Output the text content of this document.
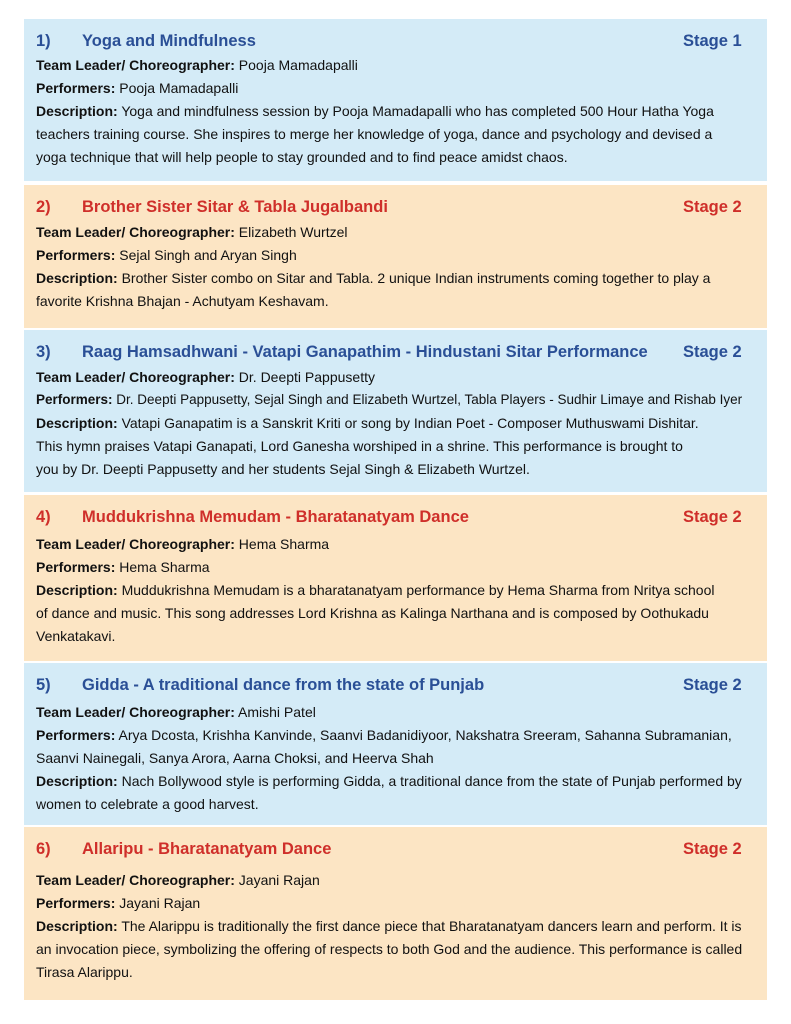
1) Yoga and Mindfulness	Stage 1
Team Leader/ Choreographer: Pooja Mamadapalli
Performers: Pooja Mamadapalli
Description: Yoga and mindfulness session by Pooja Mamadapalli who has completed 500 Hour Hatha Yoga
teachers training course. She inspires to merge her knowledge of yoga, dance and psychology and devised a
yoga technique that will help people to stay grounded and to find peace amidst chaos.
2) Brother Sister Sitar & Tabla Jugalbandi	Stage 2
Team Leader/ Choreographer: Elizabeth Wurtzel
Performers: Sejal Singh and Aryan Singh
Description: Brother Sister combo on Sitar and Tabla. 2 unique Indian instruments coming together to play a
favorite Krishna Bhajan - Achutyam Keshavam.
3) Raag Hamsadhwani - Vatapi Ganapathim - Hindustani Sitar Performance Stage 2
Team Leader/ Choreographer: Dr. Deepti Pappusetty
Performers: Dr. Deepti Pappusetty, Sejal Singh and Elizabeth Wurtzel, Tabla Players - Sudhir Limaye and Rishab Iyer
Description: Vatapi Ganapatim is a Sanskrit Kriti or song by Indian Poet - Composer Muthuswami Dishitar.
This hymn praises Vatapi Ganapati, Lord Ganesha worshiped in a shrine. This performance is brought to
you by Dr. Deepti Pappusetty and her students Sejal Singh & Elizabeth Wurtzel.
4) Muddukrishna Memudam - Bharatanatyam Dance	Stage 2
Team Leader/ Choreographer: Hema Sharma
Performers: Hema Sharma
Description: Muddukrishna Memudam is a bharatanatyam performance by Hema Sharma from Nritya school
of dance and music. This song addresses Lord Krishna as Kalinga Narthana and is composed by Oothukadu
Venkatakavi.
5) Gidda - A traditional dance from the state of Punjab	Stage 2
Team Leader/ Choreographer: Amishi Patel
Performers: Arya Dcosta, Krishha Kanvinde, Saanvi Badanidiyoor, Nakshatra Sreeram, Sahanna Subramanian,
Saanvi Nainegali, Sanya Arora, Aarna Choksi, and Heerva Shah
Description: Nach Bollywood style is performing Gidda, a traditional dance from the state of Punjab performed by
women to celebrate a good harvest.
6) Allaripu - Bharatanatyam Dance	Stage 2
Team Leader/ Choreographer: Jayani Rajan
Performers: Jayani Rajan
Description: The Alarippu is traditionally the first dance piece that Bharatanatyam dancers learn and perform. It is
an invocation piece, symbolizing the offering of respects to both God and the audience. This performance is called
Tirasa Alarippu.
